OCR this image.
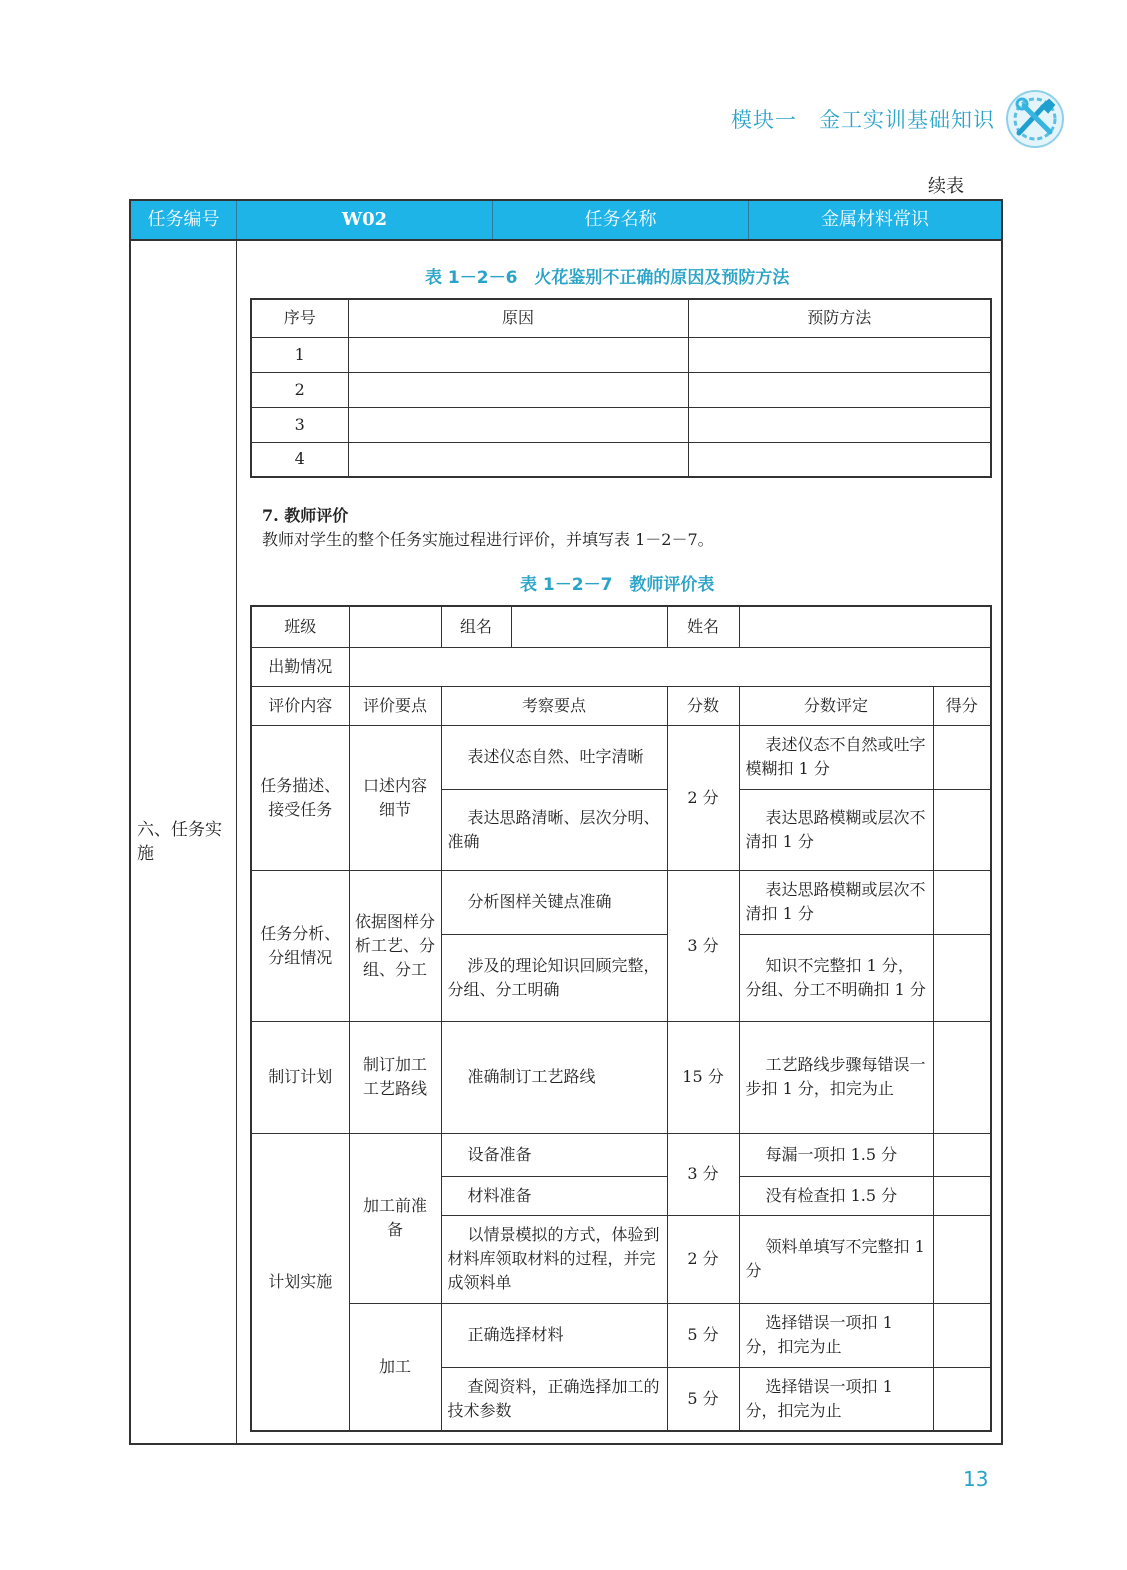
模块一 金工实训基础知识
续表
任务编号	W02	任务名称	金属材料常识
六、任务实施
表 1－2－6　火花鉴别不正确的原因及预防方法
序号	原因	预防方法
1		
2		
3		
4		
7. 教师评价
教师对学生的整个任务实施过程进行评价，并填写表 1－2－7。
表 1－2－7　教师评价表
班级		组名		姓名		
出勤情况						
评价内容	评价要点	考察要点		分数	分数评定	得分
任务描述、接受任务	口述内容细节	表述仪态自然、吐字清晰		2 分	表述仪态不自然或吐字模糊扣 1 分	
		表达思路清晰、层次分明、准确			表达思路模糊或层次不清扣 1 分	
任务分析、分组情况	依据图样分析工艺、分组、分工	分析图样关键点准确		3 分	表达思路模糊或层次不清扣 1 分	
		涉及的理论知识回顾完整，分组、分工明确			知识不完整扣 1 分，分组、分工不明确扣 1 分	
制订计划	制订加工工艺路线	准确制订工艺路线		15 分	工艺路线步骤每错误一步扣 1 分，扣完为止	
计划实施	加工前准备	设备准备		3 分	每漏一项扣 1.5 分	
		材料准备			没有检查扣 1.5 分	
		以情景模拟的方式，体验到材料库领取材料的过程，并完成领料单		2 分	领料单填写不完整扣 1 分	
	加工	正确选择材料		5 分	选择错误一项扣 1 分，扣完为止	
		查阅资料，正确选择加工的技术参数		5 分	选择错误一项扣 1 分，扣完为止	
13
